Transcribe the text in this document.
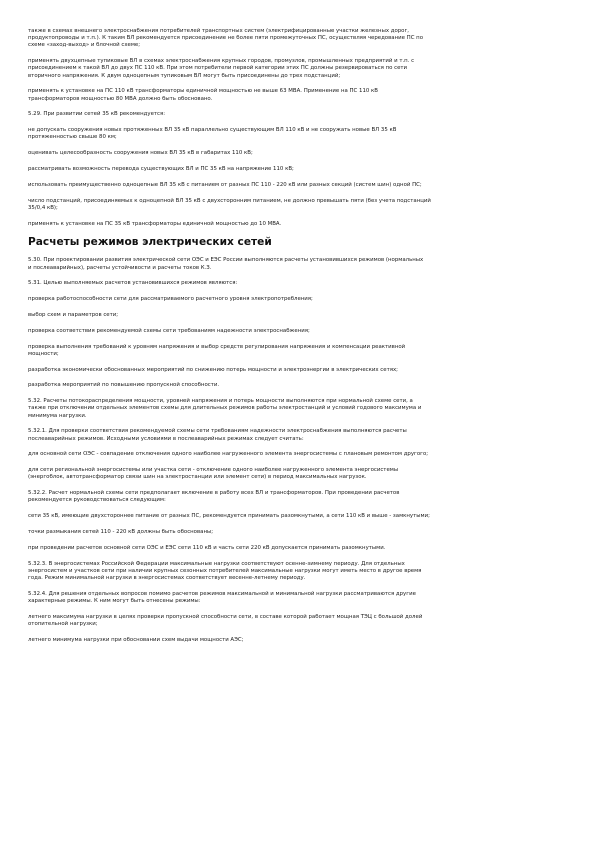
также в схемах внешнего электроснабжения потребителей транспортных систем (электрифицированные участки железных дорог,
продуктопроводы и т.п.). К таким ВЛ рекомендуется присоединение не более пяти промежуточных ПС, осуществляя чередование ПС по
схеме «заход-выход» и блочной схеме;

применять двухцепные тупиковые ВЛ в схемах электроснабжения крупных городов, промузлов, промышленных предприятий и т.п. с
присоединением к такой ВЛ до двух ПС 110 кВ. При этом потребители первой категории этих ПС должны резервироваться по сети
вторичного напряжения. К двум одноцепным тупиковым ВЛ могут быть присоединены до трех подстанций;

применять к установке на ПС 110 кВ трансформаторы единичной мощностью не выше 63 МВА. Применение на ПС 110 кВ
трансформаторов мощностью 80 МВА должно быть обосновано.

5.29. При развитии сетей 35 кВ рекомендуется:

не допускать сооружения новых протяженных ВЛ 35 кВ параллельно существующим ВЛ 110 кВ и не сооружать новые ВЛ 35 кВ
протяженностью свыше 80 км;

оценивать целесообразность сооружения новых ВЛ 35 кВ в габаритах 110 кВ;

рассматривать возможность перевода существующих ВЛ и ПС 35 кВ на напряжение 110 кВ;

использовать преимущественно одноцепные ВЛ 35 кВ с питанием от разных ПС 110 - 220 кВ или разных секций (систем шин) одной ПС;

число подстанций, присоединяемых к одноцепной ВЛ 35 кВ с двухсторонним питанием, не должно превышать пяти (без учета подстанций
35/0,4 кВ);

применять к установке на ПС 35 кВ трансформаторы единичной мощностью до 10 МВА.

Расчеты режимов электрических сетей

5.30. При проектировании развития электрической сети ОЭС и ЕЭС России выполняются расчеты установившихся режимов (нормальных
и послеаварийных), расчеты устойчивости и расчеты токов К.З.

5.31. Целью выполняемых расчетов установившихся режимов являются:

проверка работоспособности сети для рассматриваемого расчетного уровня электропотребления;

выбор схем и параметров сети;

проверка соответствия рекомендуемой схемы сети требованиям надежности электроснабжения;

проверка выполнения требований к уровням напряжения и выбор средств регулирования напряжения и компенсации реактивной
мощности;

разработка экономически обоснованных мероприятий по снижению потерь мощности и электроэнергии в электрических сетях;

разработка мероприятий по повышению пропускной способности.

5.32. Расчеты потокораспределения мощности, уровней напряжения и потерь мощности выполняются при нормальной схеме сети, а
также при отключении отдельных элементов схемы для длительных режимов работы электростанций и условий годового максимума и
минимума нагрузки.

5.32.1. Для проверки соответствия рекомендуемой схемы сети требованиям надежности электроснабжения выполняются расчеты
послеаварийных режимов. Исходными условиями в послеаварийных режимах следует считать:

для основной сети ОЭС - совпадение отключения одного наиболее нагруженного элемента энергосистемы с плановым ремонтом другого;

для сети региональной энергосистемы или участка сети - отключение одного наиболее нагруженного элемента энергосистемы
(энергоблок, автотрансформатор связи шин на электростанции или элемент сети) в период максимальных нагрузок.

5.32.2. Расчет нормальной схемы сети предполагает включение в работу всех ВЛ и трансформаторов. При проведении расчетов
рекомендуется руководствоваться следующим:

сети 35 кВ, имеющие двухстороннее питание от разных ПС, рекомендуется принимать разомкнутыми, а сети 110 кВ и выше - замкнутыми;

точки размыкания сетей 110 - 220 кВ должны быть обоснованы;

при проведении расчетов основной сети ОЭС и ЕЭС сети 110 кВ и часть сети 220 кВ допускается принимать разомкнутыми.

5.32.3. В энергосистемах Российской Федерации максимальные нагрузки соответствуют осенне-зимнему периоду. Для отдельных
энергосистем и участков сети при наличии крупных сезонных потребителей максимальные нагрузки могут иметь место в другое время
года. Режим минимальной нагрузки в энергосистемах соответствует весенне-летнему периоду.

5.32.4. Для решения отдельных вопросов помимо расчетов режимов максимальной и минимальной нагрузки рассматриваются другие
характерные режимы. К ним могут быть отнесены режимы:

летнего максимума нагрузки в целях проверки пропускной способности сети, в составе которой работает мощная ТЭЦ с большой долей
отопительной нагрузки;

летнего минимума нагрузки при обосновании схем выдачи мощности АЭС;
